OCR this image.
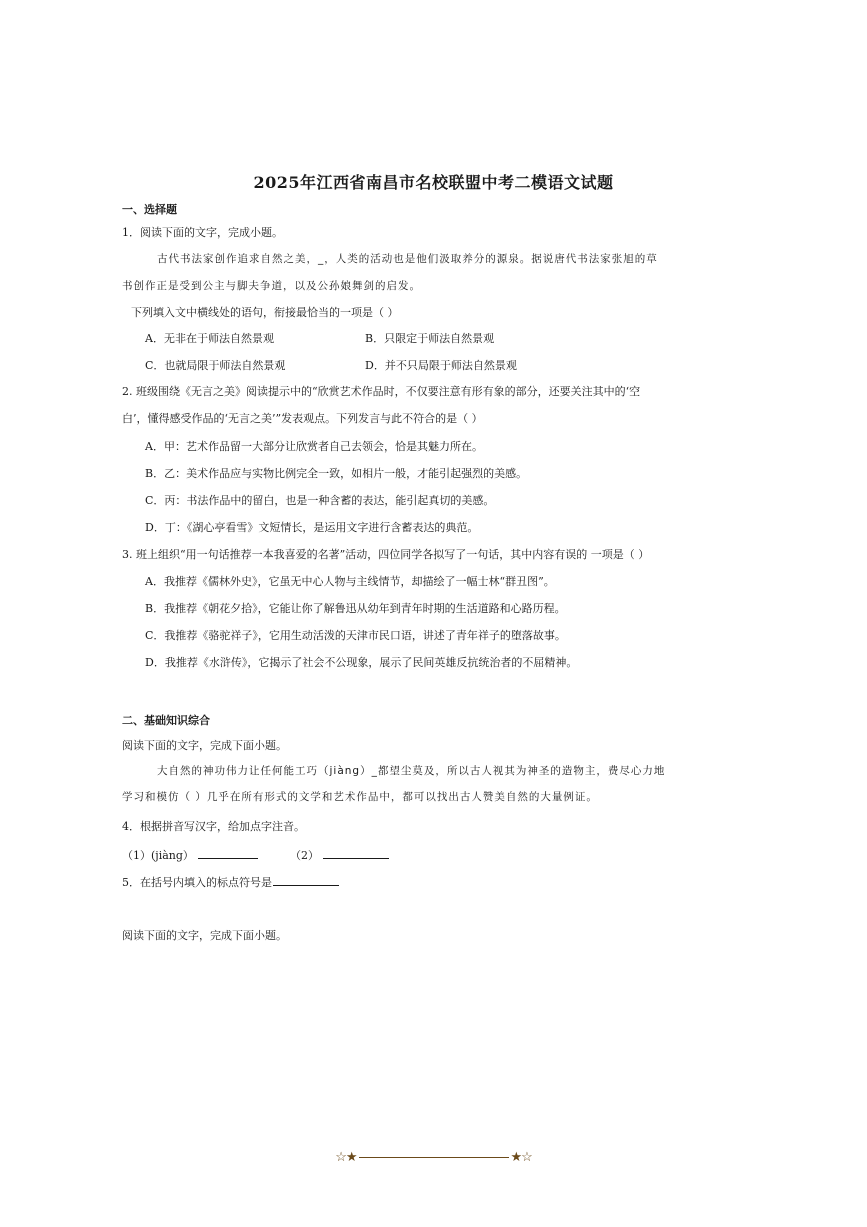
2025年江西省南昌市名校联盟中考二模语文试题
一、选择题
1．阅读下面的文字，完成小题。
古代书法家创作追求自然之美，_，人类的活动也是他们汲取养分的源泉。据说唐代书法家张旭的草
书创作正是受到公主与脚夫争道，以及公孙娘舞剑的启发。
下列填入文中横线处的语句，衔接最恰当的一项是（ ）
A．无非在于师法自然景观	B．只限定于师法自然景观
C．也就局限于师法自然景观	D．并不只局限于师法自然景观
2. 班级围绕《无言之美》阅读提示中的“欣赏艺术作品时，不仅要注意有形有象的部分，还要关注其中的‘空
白’，懂得感受作品的‘无言之美’”发表观点。下列发言与此不符合的是（ ）
A．甲：艺术作品留一大部分让欣赏者自己去领会，恰是其魅力所在。
B．乙：美术作品应与实物比例完全一致，如相片一般，才能引起强烈的美感。
C．丙：书法作品中的留白，也是一种含蓄的表达，能引起真切的美感。
D．丁：《湖心亭看雪》文短情长，是运用文字进行含蓄表达的典范。
3. 班上组织“用一句话推荐一本我喜爱的名著”活动，四位同学各拟写了一句话，其中内容有误的 一项是（ ）
A．我推荐《儒林外史》，它虽无中心人物与主线情节，却描绘了一幅士林“群丑图”。
B．我推荐《朝花夕拾》，它能让你了解鲁迅从幼年到青年时期的生活道路和心路历程。
C．我推荐《骆驼祥子》，它用生动活泼的天津市民口语，讲述了青年祥子的堕落故事。
D．我推荐《水浒传》，它揭示了社会不公现象，展示了民间英雄反抗统治者的不屈精神。
二、基础知识综合
阅读下面的文字，完成下面小题。
大自然的神功伟力让任何能工巧（jiàng）_都望尘莫及，所以古人视其为神圣的造物主，费尽心力地
学习和模仿（ ）几乎在所有形式的文学和艺术作品中，都可以找出古人赞美自然的大量例证。
4．根据拼音写汉字，给加点字注音。
（1）(jiàng）	（2）
5．在括号内填入的标点符号是
阅读下面的文字，完成下面小题。
☆★	★☆
